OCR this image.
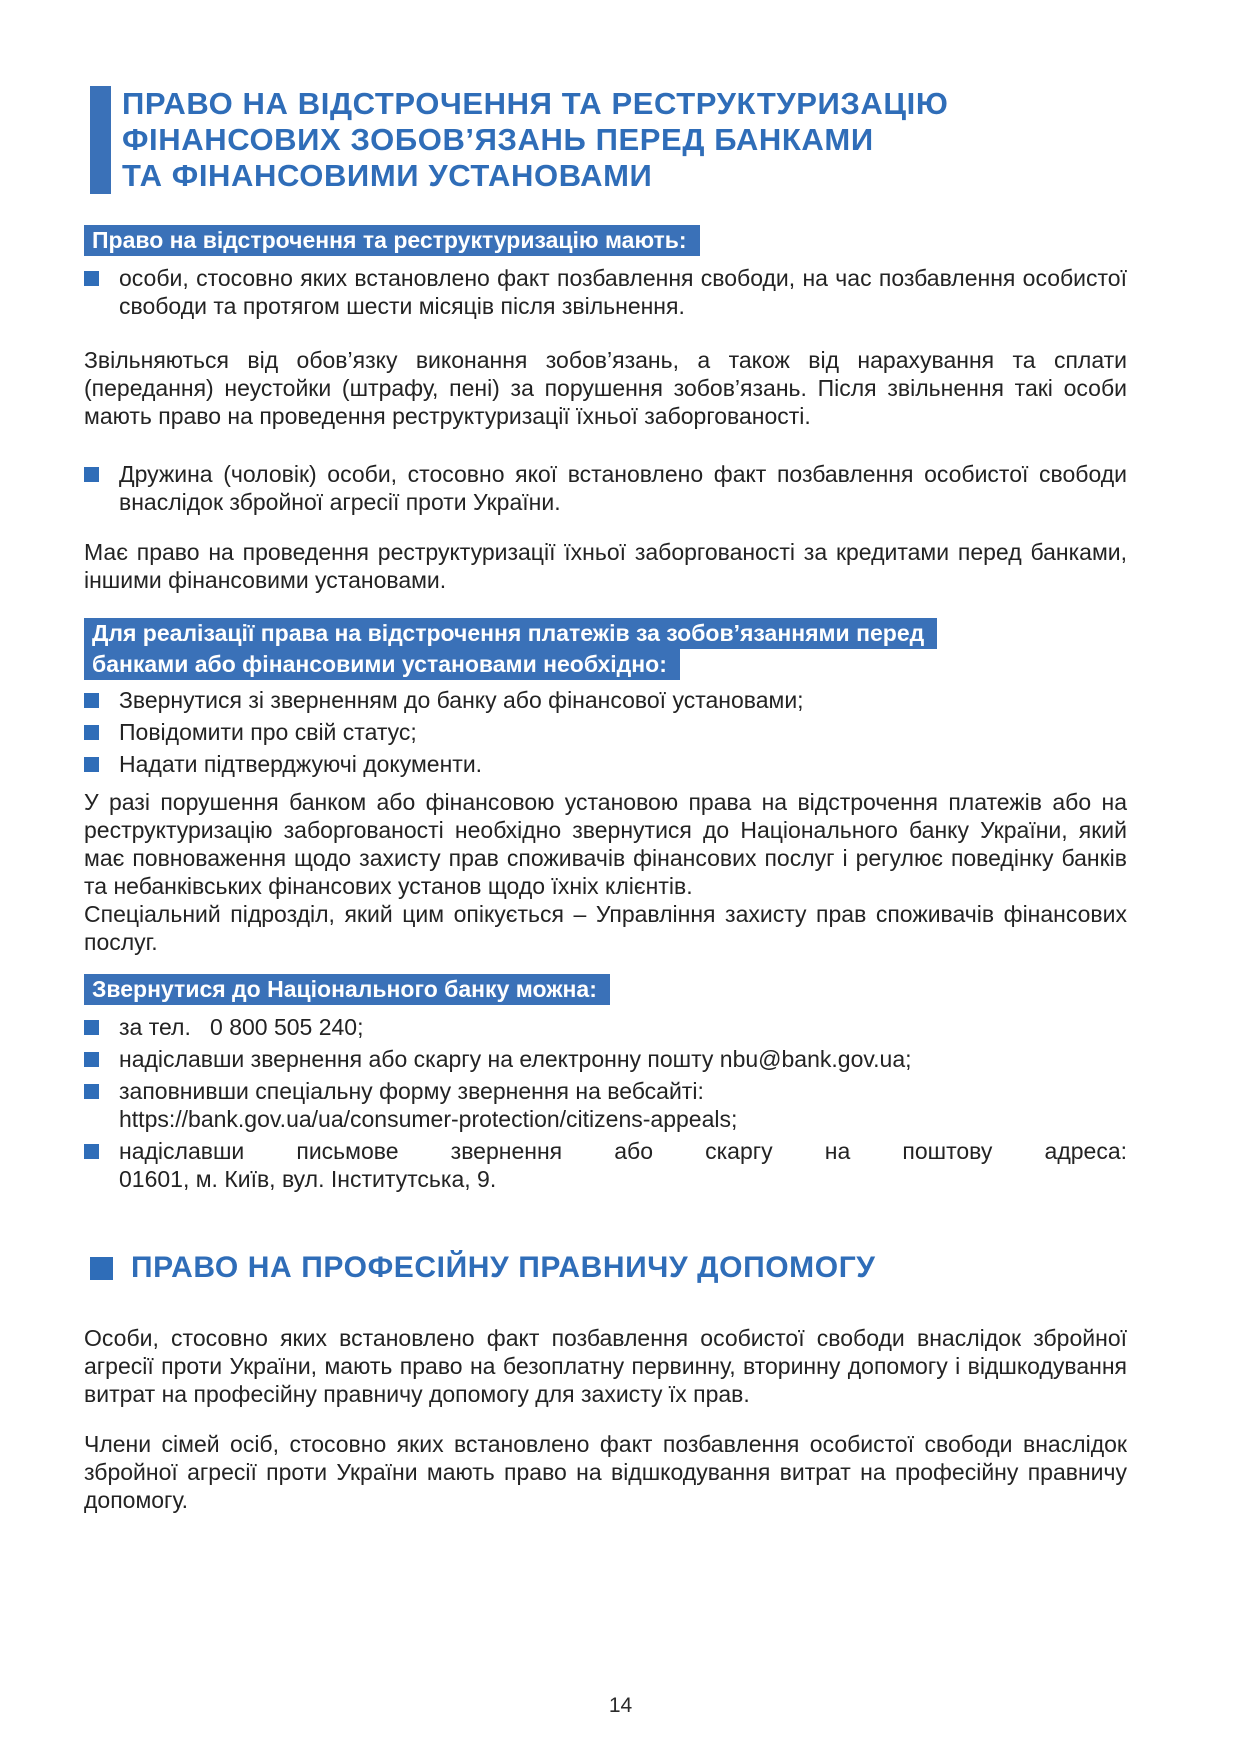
ПРАВО НА ВІДСТРОЧЕННЯ ТА РЕСТРУКТУРИЗАЦІЮ
ФІНАНСОВИХ ЗОБОВ’ЯЗАНЬ ПЕРЕД БАНКАМИ
ТА ФІНАНСОВИМИ УСТАНОВАМИ
Право на відстрочення та реструктуризацію мають:
особи, стосовно яких встановлено факт позбавлення свободи, на час позбавлення особистої свободи та протягом шести місяців після звільнення.

Звільняються від обов’язку виконання зобов’язань, а також від нарахування та сплати (передання) неустойки (штрафу, пені) за порушення зобов’язань. Після звільнення такі особи мають право на проведення реструктуризації їхньої заборгованості.

Дружина (чоловік) особи, стосовно якої встановлено факт позбавлення особистої свободи внаслідок збройної агресії проти України.

Має право на проведення реструктуризації їхньої заборгованості за кредитами перед банками, іншими фінансовими установами.

Для реалізації права на відстрочення платежів за зобов’язаннями перед
банками або фінансовими установами необхідно:
Звернутися зі зверненням до банку або фінансової установами;
Повідомити про свій статус;
Надати підтверджуючі документи.

У разі порушення банком або фінансовою установою права на відстрочення платежів або на реструктуризацію заборгованості необхідно звернутися до Національного банку України, який має повноваження щодо захисту прав споживачів фінансових послуг і регулює поведінку банків та небанківських фінансових установ щодо їхніх клієнтів.

Спеціальний підрозділ, який цим опікується – Управління захисту прав споживачів фінансових послуг.

Звернутися до Національного банку можна:
за тел.   0 800 505 240;
надіславши звернення або скаргу на електронну пошту nbu@bank.gov.ua;
заповнивши спеціальну форму звернення на вебсайті:
https://bank.gov.ua/ua/consumer-protection/citizens-appeals;
надіславши письмове звернення або скаргу на поштову адреса:
01601, м. Київ, вул. Інститутська, 9.
ПРАВО НА ПРОФЕСІЙНУ ПРАВНИЧУ ДОПОМОГУ

Особи, стосовно яких встановлено факт позбавлення особистої свободи внаслідок збройної агресії проти України, мають право на безоплатну первинну, вторинну допомогу і відшкодування витрат на професійну правничу допомогу для захисту їх прав.

Члени сімей осіб, стосовно яких встановлено факт позбавлення особистої свободи внаслідок збройної агресії проти України мають право на відшкодування витрат на професійну правничу допомогу.

14
